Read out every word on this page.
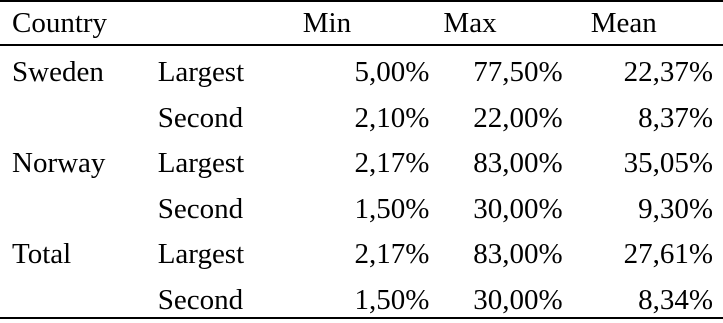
Country		Min	Max	Mean
Sweden	Largest	5,00%	77,50%	22,37%
	Second	2,10%	22,00%	8,37%
Norway	Largest	2,17%	83,00%	35,05%
	Second	1,50%	30,00%	9,30%
Total	Largest	2,17%	83,00%	27,61%
	Second	1,50%	30,00%	8,34%
